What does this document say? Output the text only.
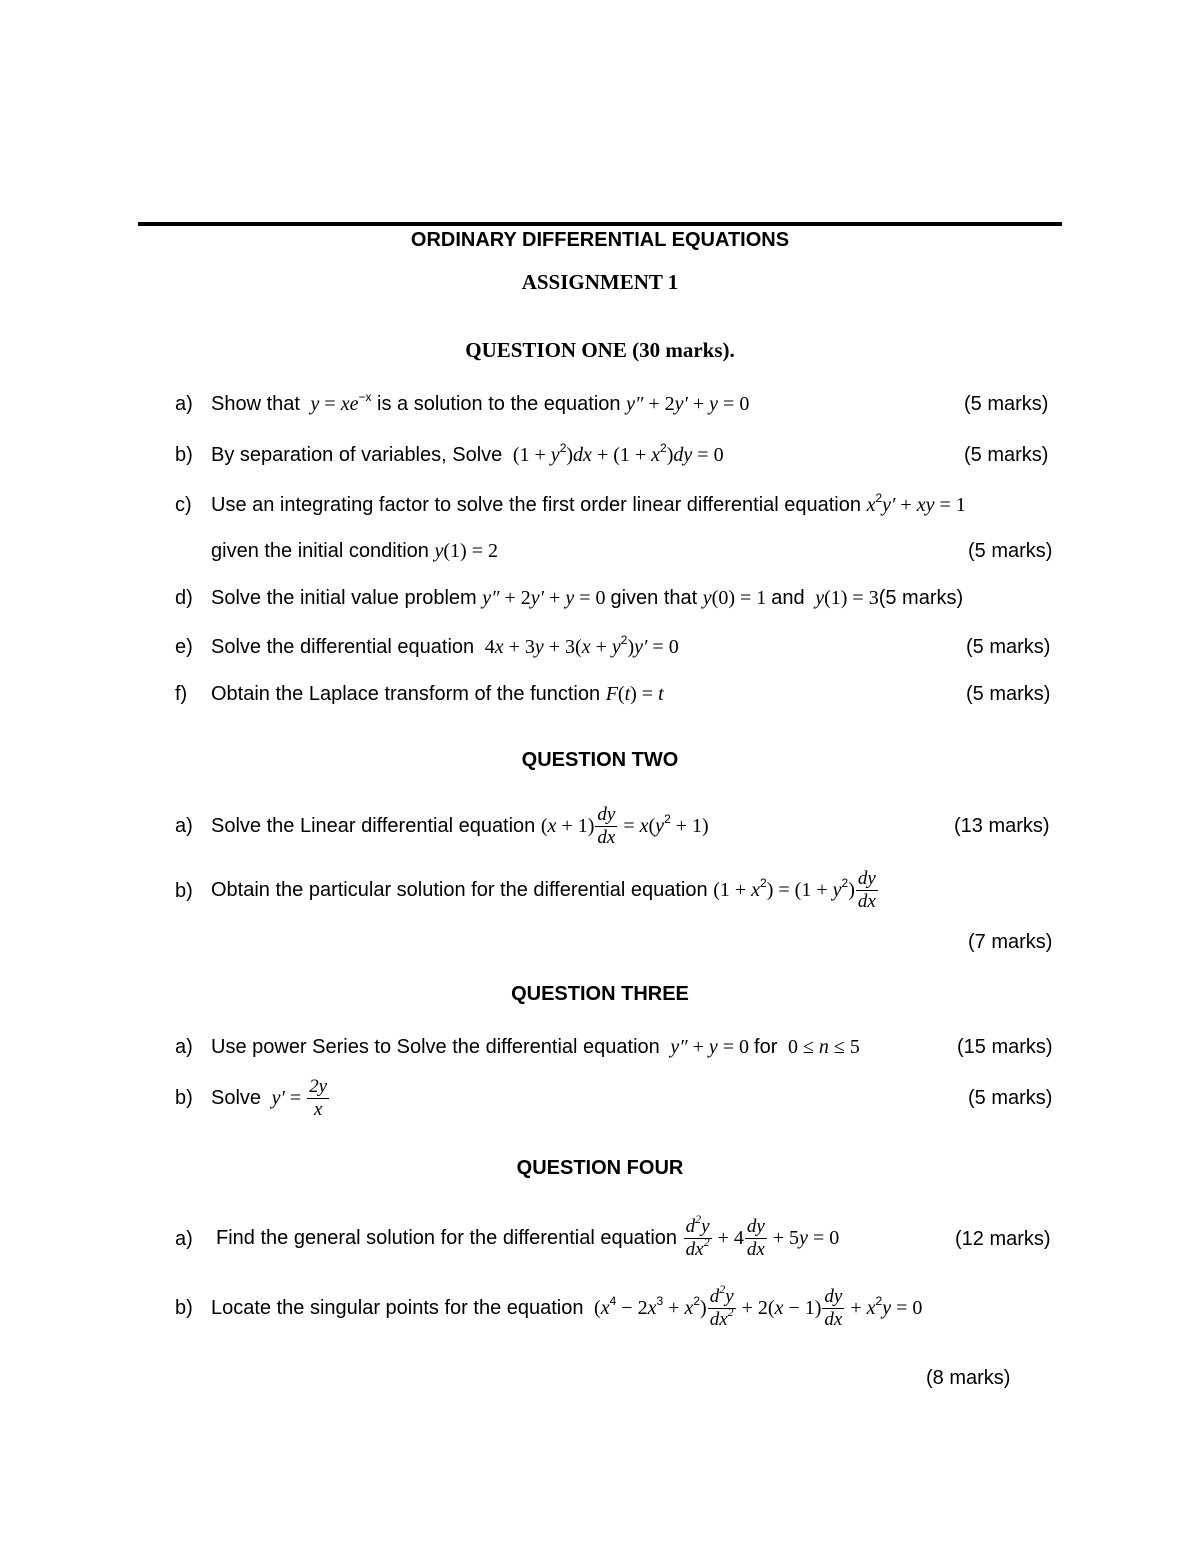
ORDINARY DIFFERENTIAL EQUATIONS
ASSIGNMENT 1
QUESTION ONE (30 marks).
a) Show that  $y = xe^{-x}$ is a solution to the equation y″ + 2y′ + y = 0	(5 marks)
b) By separation of variables, Solve  $(1 + y^2)dx + (1 + x^2)dy = 0$	(5 marks)
c) Use an integrating factor to solve the first order linear differential equation $x^2y'$ + xy = 1
given the initial condition y(1) = 2	(5 marks)
d) Solve the initial value problem y″ + 2y′ + y = 0 given that y(0) = 1 and  y(1) = 3(5 marks)
e) Solve the differential equation  $4x + 3y + 3(x + y^2)y' = 0$	(5 marks)
f) Obtain the Laplace transform of the function F(t) = t	(5 marks)
QUESTION TWO
a) Solve the Linear differential equation $(x + 1) \frac{dy}{dx} = x(y^2 + 1)$	(13 marks)
b) Obtain the particular solution for the differential equation $(1 + x^2) = (1 + y^2) \frac{dy}{dx}$
(7 marks)
QUESTION THREE
a) Use power Series to Solve the differential equation  y″ + y = 0 for  0 ≤ n ≤ 5	(15 marks)
b) Solve  $y' = \frac{2y}{x}$	(5 marks)
QUESTION FOUR
a) Find the general solution for the differential equation $\frac{d^2y}{dx^2} + 4 \frac{dy}{dx} + 5y = 0$	(12 marks)
b) Locate the singular points for the equation  $(x^4 - 2x^3 + x^2) \frac{d^2y}{dx^2} + 2(x - 1) \frac{dy}{dx} + x^2y = 0$
(8 marks)
